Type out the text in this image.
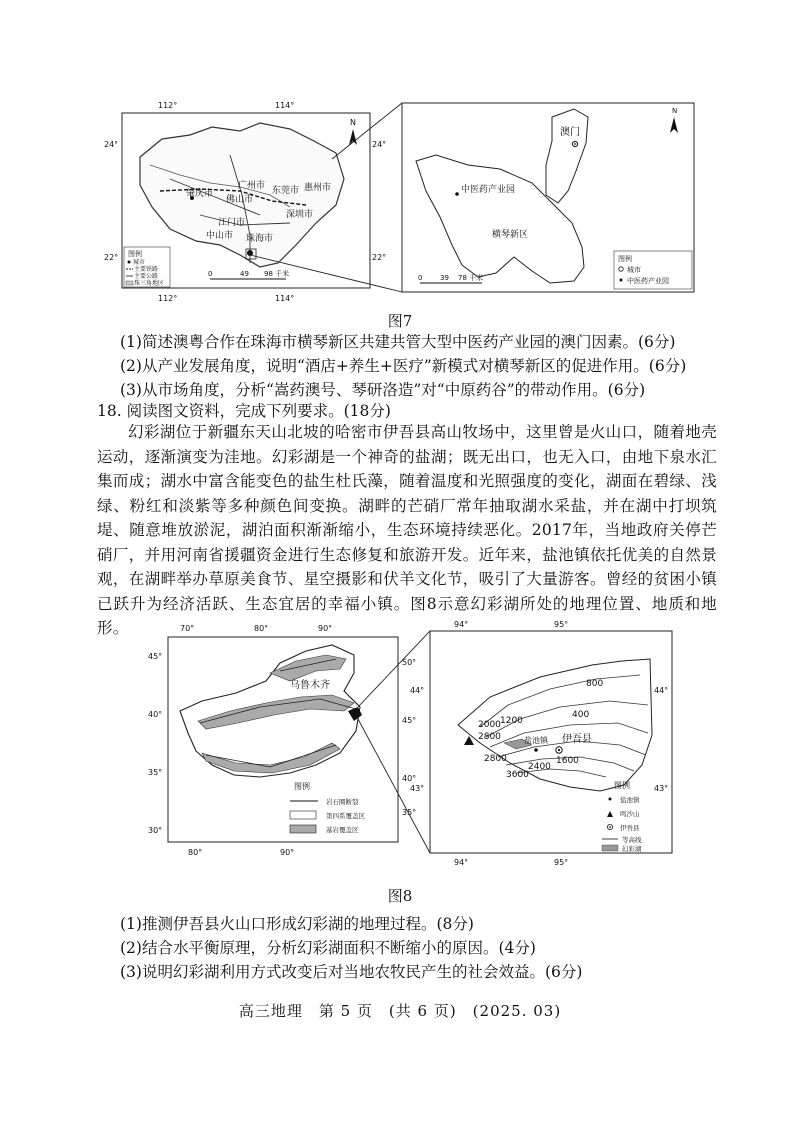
112°	114°
112°	114°
24°	24°
22°	22°
肇庆市
广州市 东莞市 惠州市
佛山市
深圳市
江门市
中山市 珠海市
N
图例
城市
主要铁路
主要公路
珠三角地区
0	49 98 千米
澳门
中医药产业园
横琴新区
N
0	39 78 千米
图例
城市
中医药产业园
图7
(1)简述澳粤合作在珠海市横琴新区共建共管大型中医药产业园的澳门因素。(6分)
(2)从产业发展角度，说明“酒店+养生+医疗”新模式对横琴新区的促进作用。(6分)
(3)从市场角度，分析“嵩药澳号、琴研洛造”对“中原药谷”的带动作用。(6分)
18. 阅读图文资料，完成下列要求。(18分)
幻彩湖位于新疆东天山北坡的哈密市伊吾县高山牧场中，这里曾是火山口，随着地壳运动，逐渐演变为洼地。幻彩湖是一个神奇的盐湖；既无出口，也无入口，由地下泉水汇集而成；湖水中富含能变色的盐生杜氏藻，随着温度和光照强度的变化，湖面在碧绿、浅绿、粉红和淡紫等多种颜色间变换。湖畔的芒硝厂常年抽取湖水采盐，并在湖中打坝筑堤、随意堆放淤泥，湖泊面积渐渐缩小，生态环境持续恶化。2017年，当地政府关停芒硝厂，并用河南省援疆资金进行生态修复和旅游开发。近年来，盐池镇依托优美的自然景观，在湖畔举办草原美食节、星空摄影和伏羊文化节，吸引了大量游客。曾经的贫困小镇已跃升为经济活跃、生态宜居的幸福小镇。图8示意幻彩湖所处的地理位置、地质和地形。	70°	80°	90°
80°	90°
45°
40°
35°
30°
50°
45°
40°
35°
乌鲁木齐
图例
岩石圈断裂
第四系覆盖区
基岩覆盖区
94°	95°
94°	95°
44°	44°
43°	43°
800
1200
400
2000
2800
2800
3600
2400
1600
盐池镇 伊吾县
图例
盐池镇
鸣沙山
伊吾县
等高线
幻彩湖
图8
(1)推测伊吾县火山口形成幻彩湖的地理过程。(8分)
(2)结合水平衡原理，分析幻彩湖面积不断缩小的原因。(4分)
(3)说明幻彩湖利用方式改变后对当地农牧民产生的社会效益。(6分)
高三地理　第 5 页　(共 6 页)　(2025. 03)
